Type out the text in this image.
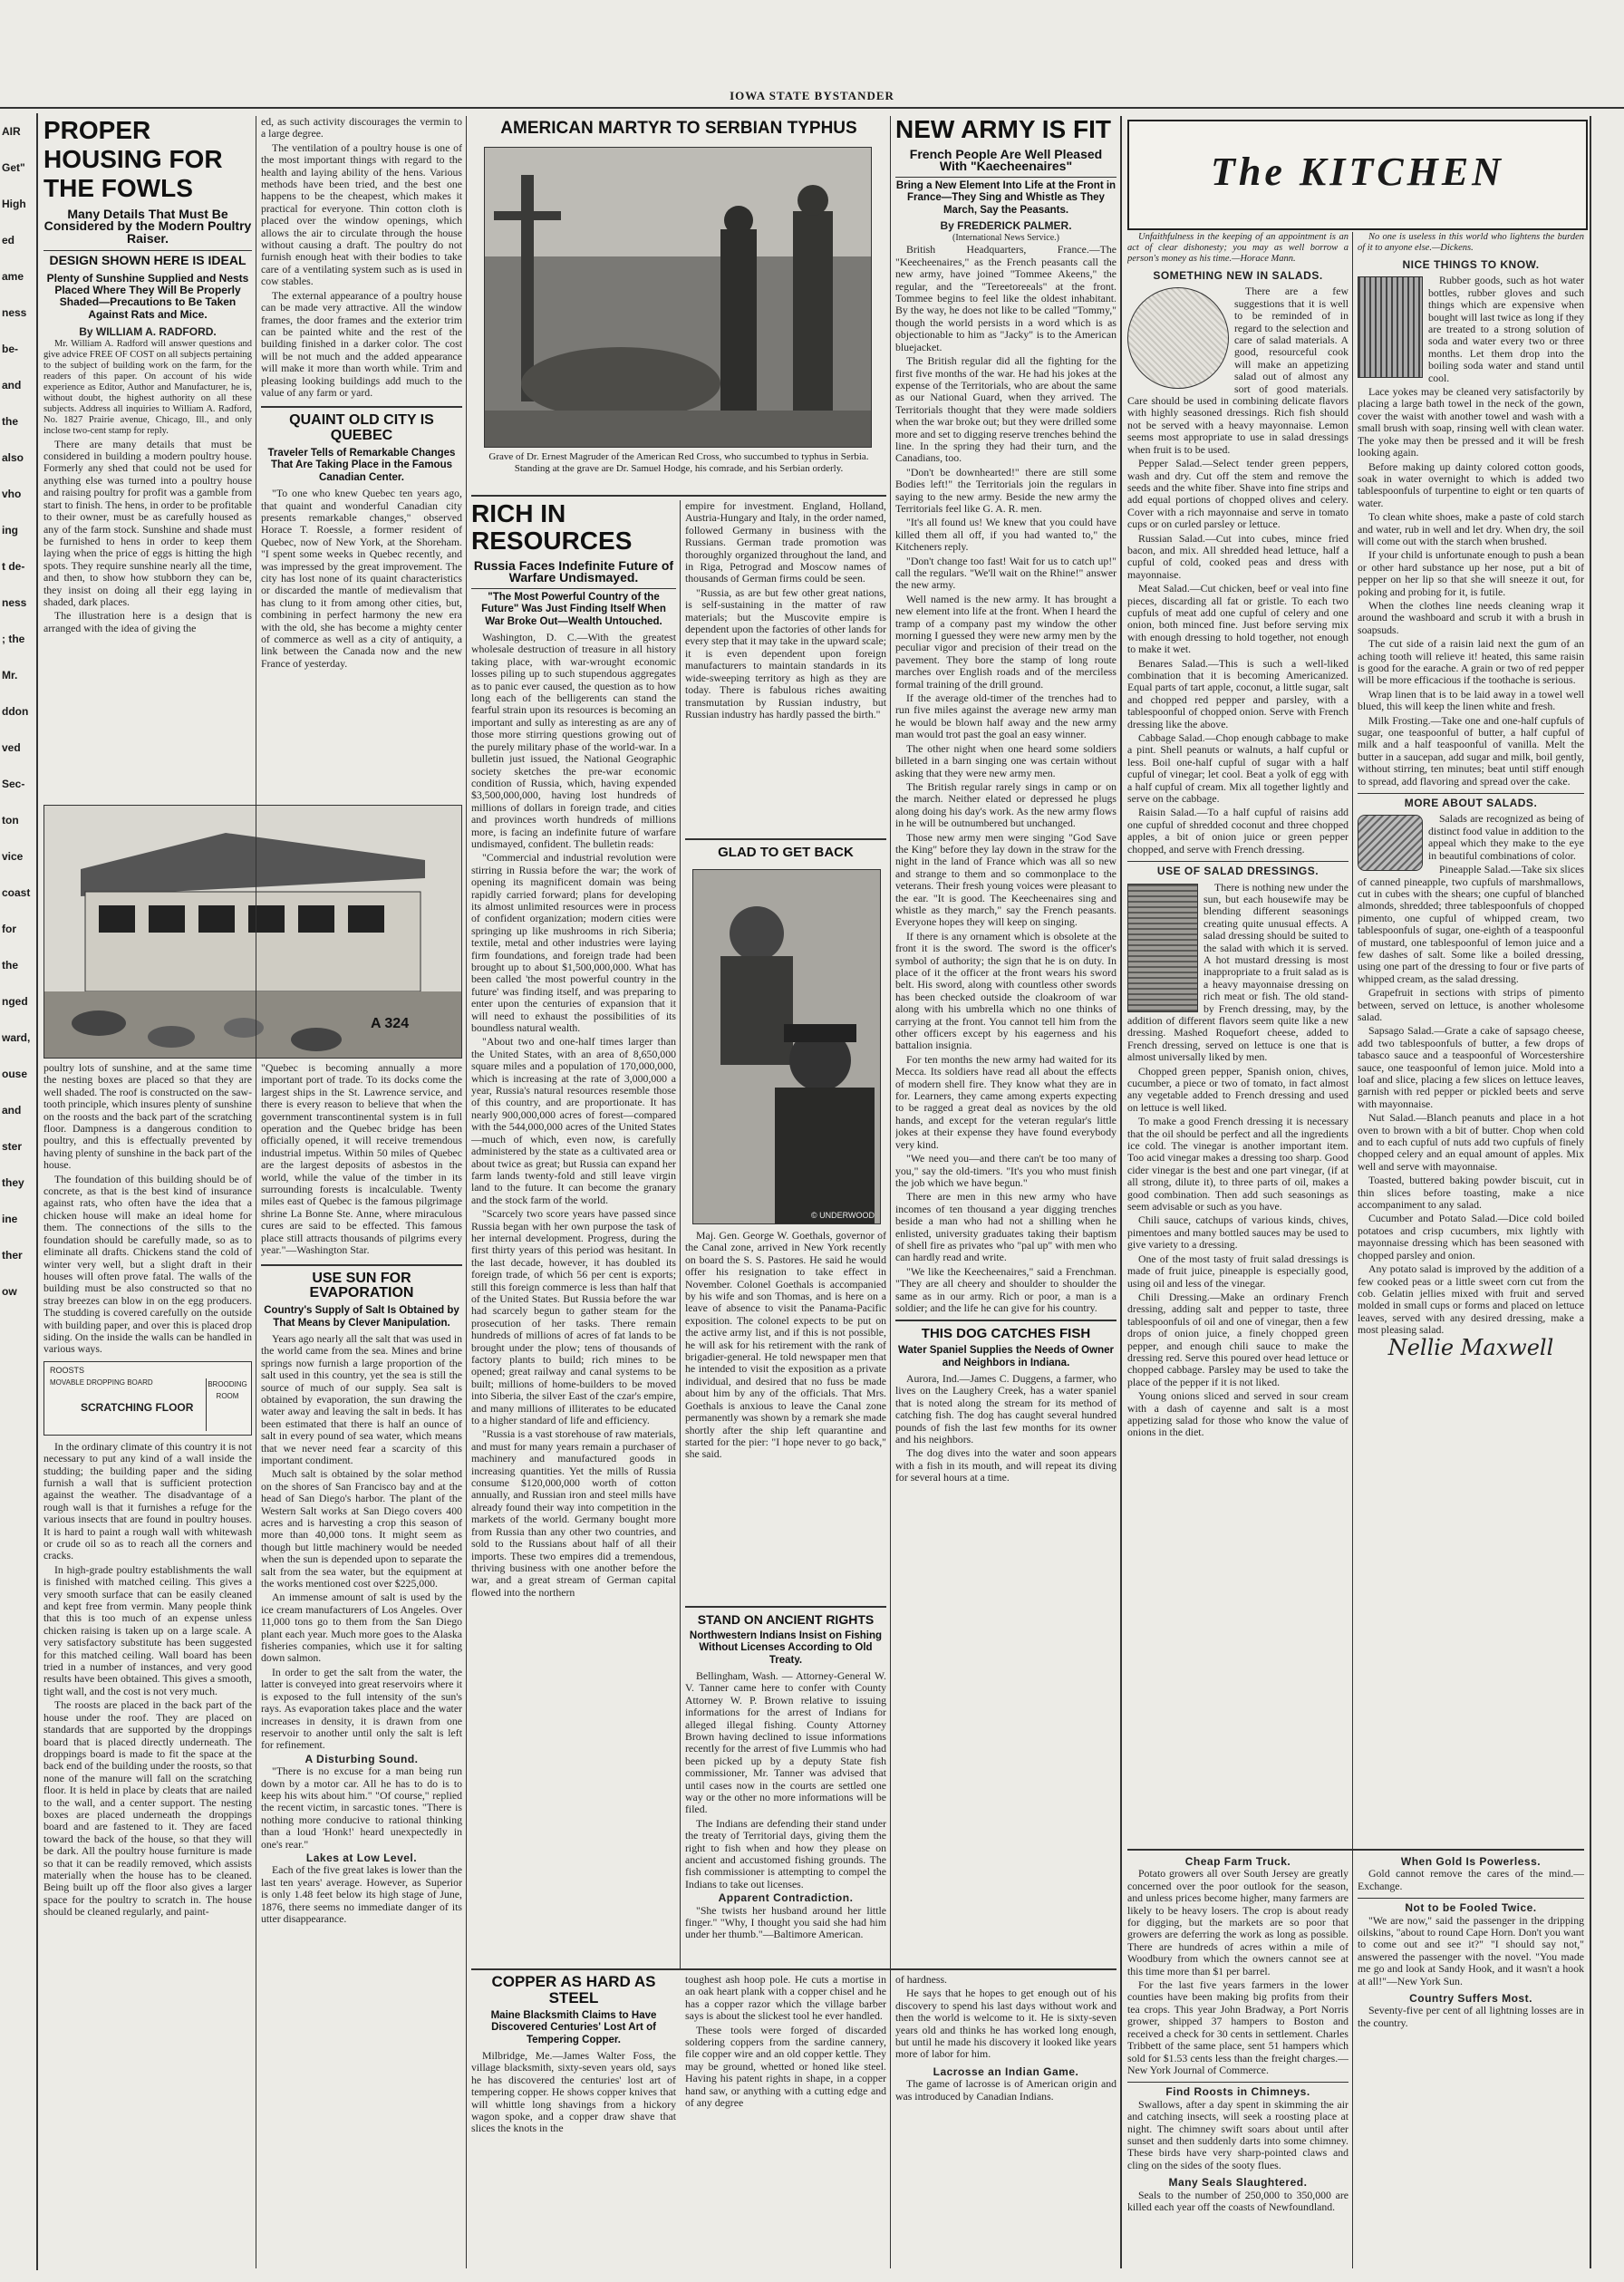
IOWA STATE BYSTANDER
AIR
Get"
High
ed
ame
ness
be-
and
the
also
vho
ing
t de-
ness
; the
Mr.
ddon
ved
Sec-
ton
vice
coast
for
the
nged
ward,
ouse
and
ster
they
ine
ther
ow
PROPER HOUSING FOR THE FOWLS
Many Details That Must Be Considered by the Modern Poultry Raiser.
DESIGN SHOWN HERE IS IDEAL
Plenty of Sunshine Supplied and Nests Placed Where They Will Be Properly Shaded—Precautions to Be Taken Against Rats and Mice.
By WILLIAM A. RADFORD.

Mr. William A. Radford will answer questions and give advice FREE OF COST on all subjects pertaining to the subject of building work on the farm, for the readers of this paper. On account of his wide experience as Editor, Author and Manufacturer, he is, without doubt, the highest authority on all these subjects. Address all inquiries to William A. Radford, No. 1827 Prairie avenue, Chicago, Ill., and only inclose two-cent stamp for reply.

There are many details that must be considered in building a modern poultry house. Formerly any shed that could not be used for anything else was turned into a poultry house and raising poultry for profit was a gamble from start to finish. The hens, in order to be profitable to their owner, must be as carefully housed as any of the farm stock. Sunshine and shade must be furnished to hens in order to keep them laying when the price of eggs is hitting the high spots. They require sunshine nearly all the time, and then, to show how stubborn they can be, they insist on doing all their egg laying in shaded, dark places.

The illustration here is a design that is arranged with the idea of giving the

A 324

poultry lots of sunshine, and at the same time the nesting boxes are placed so that they are well shaded. The roof is constructed on the saw-tooth principle, which insures plenty of sunshine on the roosts and the back part of the scratching floor. Dampness is a dangerous condition to poultry, and this is effectually prevented by having plenty of sunshine in the back part of the house.

The foundation of this building should be of concrete, as that is the best kind of insurance against rats, who often have the idea that a chicken house will make an ideal home for them. The connections of the sills to the foundation should be carefully made, so as to eliminate all drafts. Chickens stand the cold of winter very well, but a slight draft in their houses will often prove fatal. The walls of the building must be also constructed so that no stray breezes can blow in on the egg producers. The studding is covered carefully on the outside with building paper, and over this is placed drop siding. On the inside the walls can be handled in various ways.

ROOSTS
MOVABLE DROPPING BOARD
SCRATCHING FLOOR
BROODING ROOM

In the ordinary climate of this country it is not necessary to put any kind of a wall inside the studding; the building paper and the siding furnish a wall that is sufficient protection against the weather. The disadvantage of a rough wall is that it furnishes a refuge for the various insects that are found in poultry houses. It is hard to paint a rough wall with whitewash or crude oil so as to reach all the corners and cracks.

In high-grade poultry establishments the wall is finished with matched ceiling. This gives a very smooth surface that can be easily cleaned and kept free from vermin. Many people think that this is too much of an expense unless chicken raising is taken up on a large scale. A very satisfactory substitute has been suggested for this matched ceiling. Wall board has been tried in a number of instances, and very good results have been obtained. This gives a smooth, tight wall, and the cost is not very much.

The roosts are placed in the back part of the house under the roof. They are placed on standards that are supported by the droppings board that is placed directly underneath. The droppings board is made to fit the space at the back end of the building under the roosts, so that none of the manure will fall on the scratching floor. It is held in place by cleats that are nailed to the wall, and a center support. The nesting boxes are placed underneath the droppings board and are fastened to it. They are faced toward the back of the house, so that they will be dark. All the poultry house furniture is made so that it can be readily removed, which assists materially when the house has to be cleaned. Being built up off the floor also gives a larger space for the poultry to scratch in. The house should be cleaned regularly, and paint-

ed, as such activity discourages the vermin to a large degree.

The ventilation of a poultry house is one of the most important things with regard to the health and laying ability of the hens. Various methods have been tried, and the best one happens to be the cheapest, which makes it practical for everyone. Thin cotton cloth is placed over the window openings, which allows the air to circulate through the house without causing a draft. The poultry do not furnish enough heat with their bodies to take care of a ventilating system such as is used in cow stables.

The external appearance of a poultry house can be made very attractive. All the window frames, the door frames and the exterior trim can be painted white and the rest of the building finished in a darker color. The cost will be not much and the added appearance will make it more than worth while. Trim and pleasing looking buildings add much to the value of any farm or yard.

QUAINT OLD CITY IS QUEBEC
Traveler Tells of Remarkable Changes That Are Taking Place in the Famous Canadian Center.

"To one who knew Quebec ten years ago, that quaint and wonderful Canadian city presents remarkable changes," observed Horace T. Roessle, a former resident of Quebec, now of New York, at the Shoreham. "I spent some weeks in Quebec recently, and was impressed by the great improvement. The city has lost none of its quaint characteristics or discarded the mantle of medievalism that has clung to it from among other cities, but, combining in perfect harmony the new era with the old, she has become a mighty center of commerce as well as a city of antiquity, a link between the Canada now and the new France of yesterday.

"Quebec is becoming annually a more important port of trade. To its docks come the largest ships in the St. Lawrence service, and there is every reason to believe that when the government transcontinental system is in full operation and the Quebec bridge has been officially opened, it will receive tremendous industrial impetus. Within 50 miles of Quebec are the largest deposits of asbestos in the world, while the value of the timber in its surrounding forests is incalculable. Twenty miles east of Quebec is the famous pilgrimage shrine La Bonne Ste. Anne, where miraculous cures are said to be effected. This famous place still attracts thousands of pilgrims every year."—Washington Star.

USE SUN FOR EVAPORATION
Country's Supply of Salt Is Obtained by That Means by Clever Manipulation.

Years ago nearly all the salt that was used in the world came from the sea. Mines and brine springs now furnish a large proportion of the salt used in this country, yet the sea is still the source of much of our supply. Sea salt is obtained by evaporation, the sun drawing the water away and leaving the salt in beds. It has been estimated that there is half an ounce of salt in every pound of sea water, which means that we never need fear a scarcity of this important condiment.

Much salt is obtained by the solar method on the shores of San Francisco bay and at the head of San Diego's harbor. The plant of the Western Salt works at San Diego covers 400 acres and is harvesting a crop this season of more than 40,000 tons. It might seem as though but little machinery would be needed when the sun is depended upon to separate the salt from the sea water, but the equipment at the works mentioned cost over $225,000.

An immense amount of salt is used by the ice cream manufacturers of Los Angeles. Over 11,000 tons go to them from the San Diego plant each year. Much more goes to the Alaska fisheries companies, which use it for salting down salmon.

In order to get the salt from the water, the latter is conveyed into great reservoirs where it is exposed to the full intensity of the sun's rays. As evaporation takes place and the water increases in density, it is drawn from one reservoir to another until only the salt is left for refinement.

A Disturbing Sound.

"There is no excuse for a man being run down by a motor car. All he has to do is to keep his wits about him." "Of course," replied the recent victim, in sarcastic tones. "There is nothing more conducive to rational thinking than a loud 'Honk!' heard unexpectedly in one's rear."

Lakes at Low Level.

Each of the five great lakes is lower than the last ten years' average. However, as Superior is only 1.48 feet below its high stage of June, 1876, there seems no immediate danger of its utter disappearance.

AMERICAN MARTYR TO SERBIAN TYPHUS
Grave of Dr. Ernest Magruder of the American Red Cross, who succumbed to typhus in Serbia. Standing at the grave are Dr. Samuel Hodge, his comrade, and his Serbian orderly.
RICH IN RESOURCES
Russia Faces Indefinite Future of Warfare Undismayed.
"The Most Powerful Country of the Future" Was Just Finding Itself When War Broke Out—Wealth Untouched.

Washington, D. C.—With the greatest wholesale destruction of treasure in all history taking place, with war-wrought economic losses piling up to such stupendous aggregates as to panic ever caused, the question as to how long each of the belligerents can stand the fearful strain upon its resources is becoming an important and sully as interesting as are any of those more stirring questions growing out of the purely military phase of the world-war. In a bulletin just issued, the National Geographic society sketches the pre-war economic condition of Russia, which, having expended $3,500,000,000, having lost hundreds of millions of dollars in foreign trade, and cities and provinces worth hundreds of millions more, is facing an indefinite future of warfare undismayed, confident. The bulletin reads:

"Commercial and industrial revolution were stirring in Russia before the war; the work of opening its magnificent domain was being rapidly carried forward; plans for developing its almost unlimited resources were in process of confident organization; modern cities were springing up like mushrooms in rich Siberia; textile, metal and other industries were laying firm foundations, and foreign trade had been brought up to about $1,500,000,000. What has been called 'the most powerful country in the future' was finding itself, and was preparing to enter upon the centuries of expansion that it will need to exhaust the possibilities of its boundless natural wealth.

"About two and one-half times larger than the United States, with an area of 8,650,000 square miles and a population of 170,000,000, which is increasing at the rate of 3,000,000 a year, Russia's natural resources resemble those of this country, and are proportionate. It has nearly 900,000,000 acres of forest—compared with the 544,000,000 acres of the United States—much of which, even now, is carefully administered by the state as a cultivated area or about twice as great; but Russia can expand her farm lands twenty-fold and still leave virgin land to the future. It can become the granary and the stock farm of the world.

"Scarcely two score years have passed since Russia began with her own purpose the task of her internal development. Progress, during the first thirty years of this period was hesitant. In the last decade, however, it has doubled its foreign trade, of which 56 per cent is exports; still this foreign commerce is less than half that of the United States. But Russia before the war had scarcely begun to gather steam for the prosecution of her tasks. There remain hundreds of millions of acres of fat lands to be brought under the plow; tens of thousands of factory plants to build; rich mines to be opened; great railway and canal systems to be built; millions of home-builders to be moved into Siberia, the silver East of the czar's empire, and many millions of illiterates to be educated to a higher standard of life and efficiency.

"Russia is a vast storehouse of raw materials, and must for many years remain a purchaser of machinery and manufactured goods in increasing quantities. Yet the mills of Russia consume $120,000,000 worth of cotton annually, and Russian iron and steel mills have already found their way into competition in the markets of the world. Germany bought more from Russia than any other two countries, and sold to the Russians about half of all their imports. These two empires did a tremendous, thriving business with one another before the war, and a great stream of German capital flowed into the northern

empire for investment. England, Holland, Austria-Hungary and Italy, in the order named, followed Germany in business with the Russians. German trade promotion was thoroughly organized throughout the land, and in Riga, Petrograd and Moscow names of thousands of German firms could be seen.

"Russia, as are but few other great nations, is self-sustaining in the matter of raw materials; but the Muscovite empire is dependent upon the factories of other lands for every step that it may take in the upward scale; it is even dependent upon foreign manufacturers to maintain standards in its wide-sweeping territory as high as they are today. There is fabulous riches awaiting transmutation by Russian industry, but Russian industry has hardly passed the birth."

GLAD TO GET BACK
© UNDERWOOD

Maj. Gen. George W. Goethals, governor of the Canal zone, arrived in New York recently on board the S. S. Pastores. He said he would offer his resignation to take effect in November. Colonel Goethals is accompanied by his wife and son Thomas, and is here on a leave of absence to visit the Panama-Pacific exposition. The colonel expects to be put on the active army list, and if this is not possible, he will ask for his retirement with the rank of brigadier-general. He told newspaper men that he intended to visit the exposition as a private individual, and desired that no fuss be made about him by any of the officials. That Mrs. Goethals is anxious to leave the Canal zone permanently was shown by a remark she made shortly after the ship left quarantine and started for the pier: "I hope never to go back," she said.

STAND ON ANCIENT RIGHTS
Northwestern Indians Insist on Fishing Without Licenses According to Old Treaty.

Bellingham, Wash. — Attorney-General W. V. Tanner came here to confer with County Attorney W. P. Brown relative to issuing informations for the arrest of Indians for alleged illegal fishing. County Attorney Brown having declined to issue informations recently for the arrest of five Lummis who had been picked up by a deputy State fish commissioner, Mr. Tanner was advised that until cases now in the courts are settled one way or the other no more informations will be filed.

The Indians are defending their stand under the treaty of Territorial days, giving them the right to fish when and how they please on ancient and accustomed fishing grounds. The fish commissioner is attempting to compel the Indians to take out licenses.

Apparent Contradiction.

"She twists her husband around her little finger." "Why, I thought you said she had him under her thumb."—Baltimore American.

COPPER AS HARD AS STEEL
Maine Blacksmith Claims to Have Discovered Centuries' Lost Art of Tempering Copper.

Milbridge, Me.—James Walter Foss, the village blacksmith, sixty-seven years old, says he has discovered the centuries' lost art of tempering copper. He shows copper knives that will whittle long shavings from a hickory wagon spoke, and a copper draw shave that slices the knots in the

toughest ash hoop pole. He cuts a mortise in an oak heart plank with a copper chisel and he has a copper razor which the village barber says is about the slickest tool he ever handled.

These tools were forged of discarded soldering coppers from the sardine cannery, file copper wire and an old copper kettle. They may be ground, whetted or honed like steel. Having his patent rights in shape, in a copper hand saw, or anything with a cutting edge and of any degree

NEW ARMY IS FIT
French People Are Well Pleased With "Kaecheenaires"
Bring a New Element Into Life at the Front in France—They Sing and Whistle as They March, Say the Peasants.
By FREDERICK PALMER.
(International News Service.)

British Headquarters, France.—The "Keecheenaires," as the French peasants call the new army, have joined "Tommee Akeens," the regular, and the "Tereetoreeals" at the front. Tommee begins to feel like the oldest inhabitant. By the way, he does not like to be called "Tommy," though the world persists in a word which is as objectionable to him as "Jacky" is to the American bluejacket.

The British regular did all the fighting for the first five months of the war. He had his jokes at the expense of the Territorials, who are about the same as our National Guard, when they arrived. The Territorials thought that they were made soldiers when the war broke out; but they were drilled some more and set to digging reserve trenches behind the line. In the spring they had their turn, and the Canadians, too.

"Don't be downhearted!" there are still some Bodies left!" the Territorials join the regulars in saying to the new army. Beside the new army the Territorials feel like G. A. R. men.

"It's all found us! We knew that you could have killed them all off, if you had wanted to," the Kitcheners reply.

"Don't change too fast! Wait for us to catch up!" call the regulars. "We'll wait on the Rhine!" answer the new army.

Well named is the new army. It has brought a new element into life at the front. When I heard the tramp of a company past my window the other morning I guessed they were new army men by the peculiar vigor and precision of their tread on the pavement. They bore the stamp of long route marches over English roads and of the merciless formal training of the drill ground.

If the average old-timer of the trenches had to run five miles against the average new army man he would be blown half away and the new army man would trot past the goal an easy winner.

The other night when one heard some soldiers billeted in a barn singing one was certain without asking that they were new army men.

The British regular rarely sings in camp or on the march. Neither elated or depressed he plugs along doing his day's work. As the new army flows in he will be outnumbered but unchanged.

Those new army men were singing "God Save the King" before they lay down in the straw for the night in the land of France which was all so new and strange to them and so commonplace to the veterans. Their fresh young voices were pleasant to the ear. "It is good. The Keecheenaires sing and whistle as they march," say the French peasants. Everyone hopes they will keep on singing.

If there is any ornament which is obsolete at the front it is the sword. The sword is the officer's symbol of authority; the sign that he is on duty. In place of it the officer at the front wears his sword belt. His sword, along with countless other swords has been checked outside the cloakroom of war along with his umbrella which no one thinks of carrying at the front. You cannot tell him from the other officers except by his eagerness and his battalion insignia.

For ten months the new army had waited for its Mecca. Its soldiers have read all about the effects of modern shell fire. They know what they are in for. Learners, they came among experts expecting to be ragged a great deal as novices by the old hands, and except for the veteran regular's little jokes at their expense they have found everybody very kind.

"We need you—and there can't be too many of you," say the old-timers. "It's you who must finish the job which we have begun."

There are men in this new army who have incomes of ten thousand a year digging trenches beside a man who had not a shilling when he enlisted, university graduates taking their baptism of shell fire as privates who "pal up" with men who can hardly read and write.

"We like the Keecheenaires," said a Frenchman. "They are all cheery and shoulder to shoulder the same as in our army. Rich or poor, a man is a soldier; and the life he can give for his country.

THIS DOG CATCHES FISH
Water Spaniel Supplies the Needs of Owner and Neighbors in Indiana.

Aurora, Ind.—James C. Duggens, a farmer, who lives on the Laughery Creek, has a water spaniel that is noted along the stream for its method of catching fish. The dog has caught several hundred pounds of fish the last few months for its owner and his neighbors.

The dog dives into the water and soon appears with a fish in its mouth, and will repeat its diving for several hours at a time.

of hardness.

He says that he hopes to get enough out of his discovery to spend his last days without work and then the world is welcome to it. He is sixty-seven years old and thinks he has worked long enough, but until he made his discovery it looked like years more of labor for him.

Lacrosse an Indian Game.

The game of lacrosse is of American origin and was introduced by Canadian Indians.

The KITCHEN

Unfaithfulness in the keeping of an appointment is an act of clear dishonesty; you may as well borrow a person's money as his time.—Horace Mann.

SOMETHING NEW IN SALADS.

There are a few suggestions that it is well to be reminded of in regard to the selection and care of salad materials. A good, resourceful cook will make an appetizing salad out of almost any sort of good materials. Care should be used in combining delicate flavors with highly seasoned dressings. Rich fish should not be served with a heavy mayonnaise. Lemon seems most appropriate to use in salad dressings when fruit is to be used.

Pepper Salad.—Select tender green peppers, wash and dry. Cut off the stem and remove the seeds and the white fiber. Shave into fine strips and add equal portions of chopped olives and celery. Cover with a rich mayonnaise and serve in tomato cups or on curled parsley or lettuce.

Russian Salad.—Cut into cubes, mince fried bacon, and mix. All shredded head lettuce, half a cupful of cold, cooked peas and dress with mayonnaise.

Meat Salad.—Cut chicken, beef or veal into fine pieces, discarding all fat or gristle. To each two cupfuls of meat add one cupful of celery and one onion, both minced fine. Just before serving mix with enough dressing to hold together, not enough to make it wet.

Benares Salad.—This is such a well-liked combination that it is becoming Americanized. Equal parts of tart apple, coconut, a little sugar, salt and chopped red pepper and parsley, with a tablespoonful of chopped onion. Serve with French dressing like the above.

Cabbage Salad.—Chop enough cabbage to make a pint. Shell peanuts or walnuts, a half cupful or less. Boil one-half cupful of sugar with a half cupful of vinegar; let cool. Beat a yolk of egg with a half cupful of cream. Mix all together lightly and serve on the cabbage.

Raisin Salad.—To a half cupful of raisins add one cupful of shredded coconut and three chopped apples, a bit of onion juice or green pepper chopped, and serve with French dressing.

USE OF SALAD DRESSINGS.

There is nothing new under the sun, but each housewife may be blending different seasonings creating quite unusual effects. A salad dressing should be suited to the salad with which it is served. A hot mustard dressing is most inappropriate to a fruit salad as is a heavy mayonnaise dressing on rich meat or fish. The old stand-by French dressing, may, by the addition of different flavors seem quite like a new dressing. Mashed Roquefort cheese, added to French dressing, served on lettuce is one that is almost universally liked by men.

Chopped green pepper, Spanish onion, chives, cucumber, a piece or two of tomato, in fact almost any vegetable added to French dressing and used on lettuce is well liked.

To make a good French dressing it is necessary that the oil should be perfect and all the ingredients ice cold. The vinegar is another important item. Too acid vinegar makes a dressing too sharp. Good cider vinegar is the best and one part vinegar, (if at all strong, dilute it), to three parts of oil, makes a good combination. Then add such seasonings as seem advisable or such as you have.

Chili sauce, catchups of various kinds, chives, pimentoes and many bottled sauces may be used to give variety to a dressing.

One of the most tasty of fruit salad dressings is made of fruit juice, pineapple is especially good, using oil and less of the vinegar.

Chili Dressing.—Make an ordinary French dressing, adding salt and pepper to taste, three tablespoonfuls of oil and one of vinegar, then a few drops of onion juice, a finely chopped green pepper, and enough chili sauce to make the dressing red. Serve this poured over head lettuce or chopped cabbage. Parsley may be used to take the place of the pepper if it is not liked.

Young onions sliced and served in sour cream with a dash of cayenne and salt is a most appetizing salad for those who know the value of onions in the diet.

No one is useless in this world who lightens the burden of it to anyone else.—Dickens.

NICE THINGS TO KNOW.

Rubber goods, such as hot water bottles, rubber gloves and such things which are expensive when bought will last twice as long if they are treated to a strong solution of soda and water every two or three months. Let them drop into the boiling soda water and stand until cool.

Lace yokes may be cleaned very satisfactorily by placing a large bath towel in the neck of the gown, cover the waist with another towel and wash with a small brush with soap, rinsing well with clean water. The yoke may then be pressed and it will be fresh looking again.

Before making up dainty colored cotton goods, soak in water overnight to which is added two tablespoonfuls of turpentine to eight or ten quarts of water.

To clean white shoes, make a paste of cold starch and water, rub in well and let dry. When dry, the soil will come out with the starch when brushed.

If your child is unfortunate enough to push a bean or other hard substance up her nose, put a bit of pepper on her lip so that she will sneeze it out, for poking and probing for it, is futile.

When the clothes line needs cleaning wrap it around the washboard and scrub it with a brush in soapsuds.

The cut side of a raisin laid next the gum of an aching tooth will relieve it! heated, this same raisin is good for the earache. A grain or two of red pepper will be more efficacious if the toothache is serious.

Wrap linen that is to be laid away in a towel well blued, this will keep the linen white and fresh.

Milk Frosting.—Take one and one-half cupfuls of sugar, one teaspoonful of butter, a half cupful of milk and a half teaspoonful of vanilla. Melt the butter in a saucepan, add sugar and milk, boil gently, without stirring, ten minutes; beat until stiff enough to spread, add flavoring and spread over the cake.

MORE ABOUT SALADS.

Salads are recognized as being of distinct food value in addition to the appeal which they make to the eye in beautiful combinations of color.

Pineapple Salad.—Take six slices of canned pineapple, two cupfuls of marshmallows, cut in cubes with the shears; one cupful of blanched almonds, shredded; three tablespoonfuls of chopped pimento, one cupful of whipped cream, two tablespoonfuls of sugar, one-eighth of a teaspoonful of mustard, one tablespoonful of lemon juice and a few dashes of salt. Some like a boiled dressing, using one part of the dressing to four or five parts of whipped cream, as the salad dressing.

Grapefruit in sections with strips of pimento between, served on lettuce, is another wholesome salad.

Sapsago Salad.—Grate a cake of sapsago cheese, add two tablespoonfuls of butter, a few drops of tabasco sauce and a teaspoonful of Worcestershire sauce, one teaspoonful of lemon juice. Mold into a loaf and slice, placing a few slices on lettuce leaves, garnish with red pepper or pickled beets and serve with mayonnaise.

Nut Salad.—Blanch peanuts and place in a hot oven to brown with a bit of butter. Chop when cold and to each cupful of nuts add two cupfuls of finely chopped celery and an equal amount of apples. Mix well and serve with mayonnaise.

Toasted, buttered baking powder biscuit, cut in thin slices before toasting, make a nice accompaniment to any salad.

Cucumber and Potato Salad.—Dice cold boiled potatoes and crisp cucumbers, mix lightly with mayonnaise dressing which has been seasoned with chopped parsley and onion.

Any potato salad is improved by the addition of a few cooked peas or a little sweet corn cut from the cob. Gelatin jellies mixed with fruit and served molded in small cups or forms and placed on lettuce leaves, served with any desired dressing, make a most pleasing salad.

Nellie Maxwell
Cheap Farm Truck.

Potato growers all over South Jersey are greatly concerned over the poor outlook for the season, and unless prices become higher, many farmers are likely to be heavy losers. The crop is about ready for digging, but the markets are so poor that growers are deferring the work as long as possible. There are hundreds of acres within a mile of Woodbury from which the owners cannot see at this time more than $1 per barrel.

For the last five years farmers in the lower counties have been making big profits from their tea crops. This year John Bradway, a Port Norris grower, shipped 37 hampers to Boston and received a check for 30 cents in settlement. Charles Tribbett of the same place, sent 51 hampers which sold for $1.53 cents less than the freight charges.—New York Journal of Commerce.

Find Roosts in Chimneys.

Swallows, after a day spent in skimming the air and catching insects, will seek a roosting place at night. The chimney swift soars about until after sunset and then suddenly darts into some chimney. These birds have very sharp-pointed claws and cling on the sides of the sooty flues.

Many Seals Slaughtered.

Seals to the number of 250,000 to 350,000 are killed each year off the coasts of Newfoundland.

When Gold Is Powerless.

Gold cannot remove the cares of the mind.—Exchange.

Not to be Fooled Twice.

"We are now," said the passenger in the dripping oilskins, "about to round Cape Horn. Don't you want to come out and see it?" "I should say not," answered the passenger with the novel. "You made me go and look at Sandy Hook, and it wasn't a hook at all!"—New York Sun.

Country Suffers Most.

Seventy-five per cent of all lightning losses are in the country.
